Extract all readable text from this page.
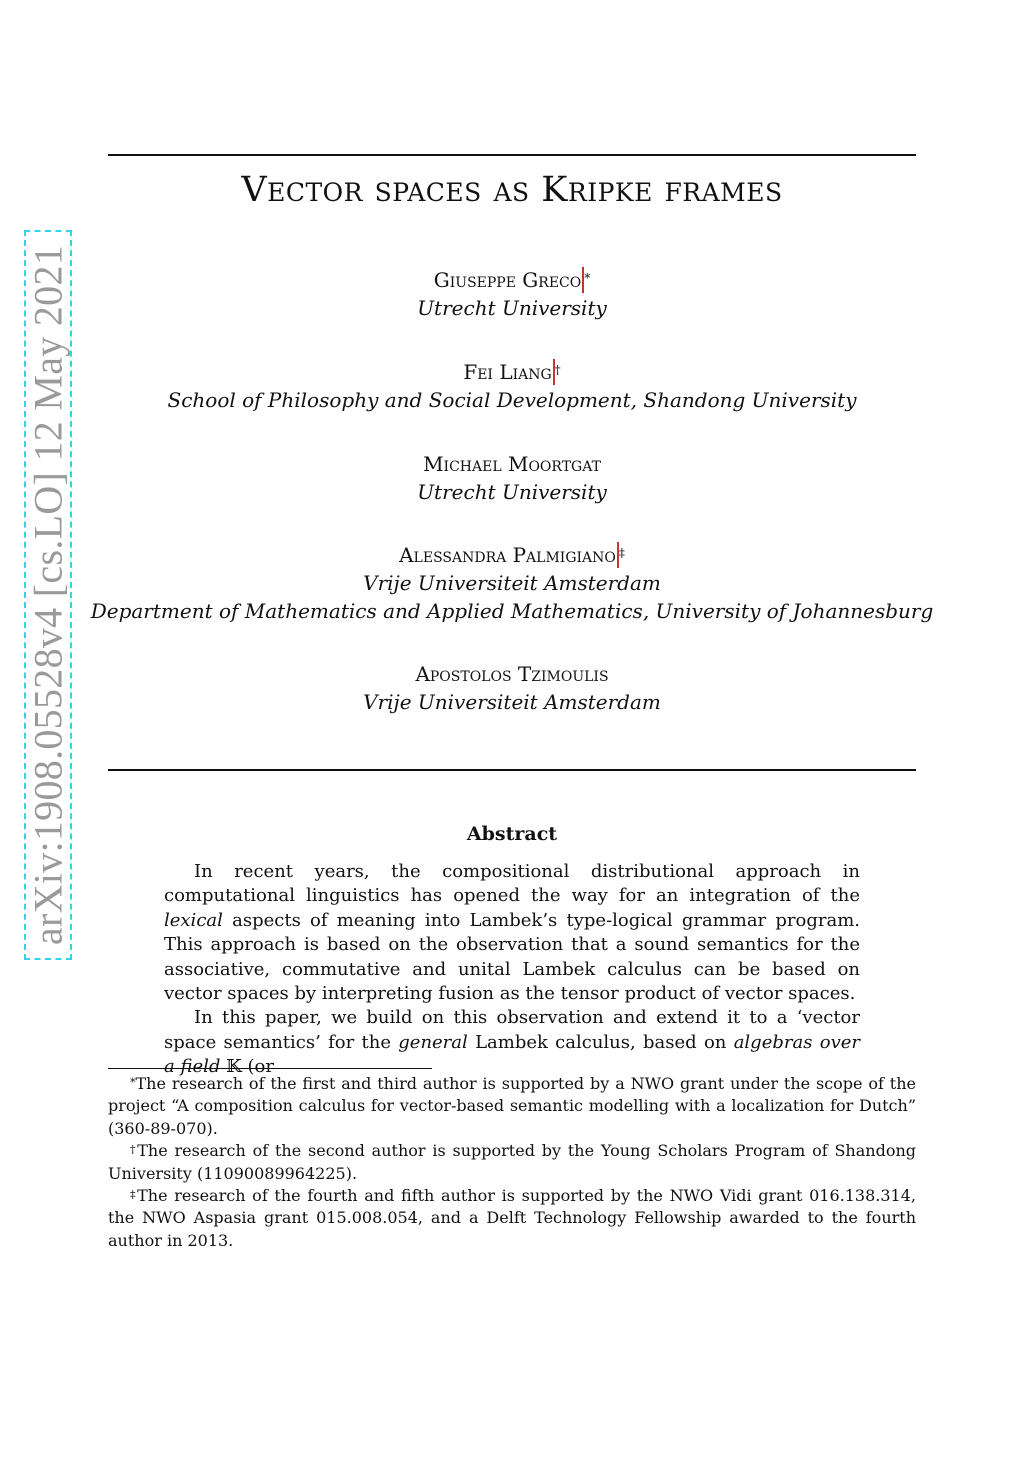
arXiv:1908.05528v4 [cs.LO] 12 May 2021
Vector spaces as Kripke frames
Giuseppe Greco *
Utrecht University
Fei Liang †
School of Philosophy and Social Development, Shandong University
Michael Moortgat
Utrecht University
Alessandra Palmigiano ‡
Vrije Universiteit Amsterdam
Department of Mathematics and Applied Mathematics, University of Johannesburg
Apostolos Tzimoulis
Vrije Universiteit Amsterdam
Abstract

In recent years, the compositional distributional approach in computational linguistics has opened the way for an integration of the lexical aspects of meaning into Lambek’s type-logical grammar program. This approach is based on the observation that a sound semantics for the associative, commutative and unital Lambek calculus can be based on vector spaces by interpreting fusion as the tensor product of vector spaces.

In this paper, we build on this observation and extend it to a ‘vector space semantics’ for the general Lambek calculus, based on algebras over a field 𝕂 (or

*The research of the first and third author is supported by a NWO grant under the scope of the project “A composition calculus for vector-based semantic modelling with a localization for Dutch” (360-89-070).

†The research of the second author is supported by the Young Scholars Program of Shandong University (11090089964225).

‡The research of the fourth and fifth author is supported by the NWO Vidi grant 016.138.314, the NWO Aspasia grant 015.008.054, and a Delft Technology Fellowship awarded to the fourth author in 2013.
